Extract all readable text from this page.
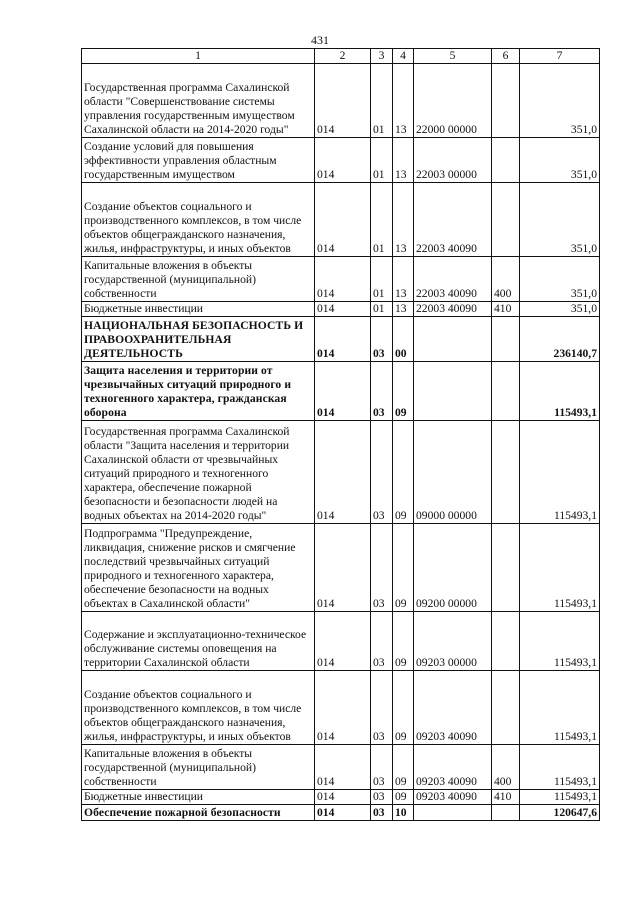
431
1	2	3	4	5	6	7
Государственная программа Сахалинской области "Совершенствование системы управления государственным имуществом Сахалинской области на 2014-2020 годы"	014	01	13	22000 00000		351,0
Создание условий для повышения эффективности управления областным государственным имуществом	014	01	13	22003 00000		351,0
Создание объектов социального и производственного комплексов, в том числе объектов общегражданского назначения, жилья, инфраструктуры, и иных объектов	014	01	13	22003 40090		351,0
Капитальные вложения в объекты государственной (муниципальной) собственности	014	01	13	22003 40090	400	351,0
Бюджетные инвестиции	014	01	13	22003 40090	410	351,0
НАЦИОНАЛЬНАЯ БЕЗОПАСНОСТЬ И ПРАВООХРАНИТЕЛЬНАЯ ДЕЯТЕЛЬНОСТЬ	014	03	00			236140,7
Защита населения и территории от чрезвычайных ситуаций природного и техногенного характера, гражданская оборона	014	03	09			115493,1
Государственная программа Сахалинской области "Защита населения и территории Сахалинской области от чрезвычайных ситуаций природного и техногенного характера, обеспечение пожарной безопасности и безопасности людей на водных объектах на 2014-2020 годы"	014	03	09	09000 00000		115493,1
Подпрограмма "Предупреждение, ликвидация, снижение рисков и смягчение последствий чрезвычайных ситуаций природного и техногенного характера, обеспечение безопасности на водных объектах в Сахалинской области"	014	03	09	09200 00000		115493,1
Содержание и эксплуатационно-техническое обслуживание системы оповещения на территории Сахалинской области	014	03	09	09203 00000		115493,1
Создание объектов социального и производственного комплексов, в том числе объектов общегражданского назначения, жилья, инфраструктуры, и иных объектов	014	03	09	09203 40090		115493,1
Капитальные вложения в объекты государственной (муниципальной) собственности	014	03	09	09203 40090	400	115493,1
Бюджетные инвестиции	014	03	09	09203 40090	410	115493,1
Обеспечение пожарной безопасности	014	03	10			120647,6
